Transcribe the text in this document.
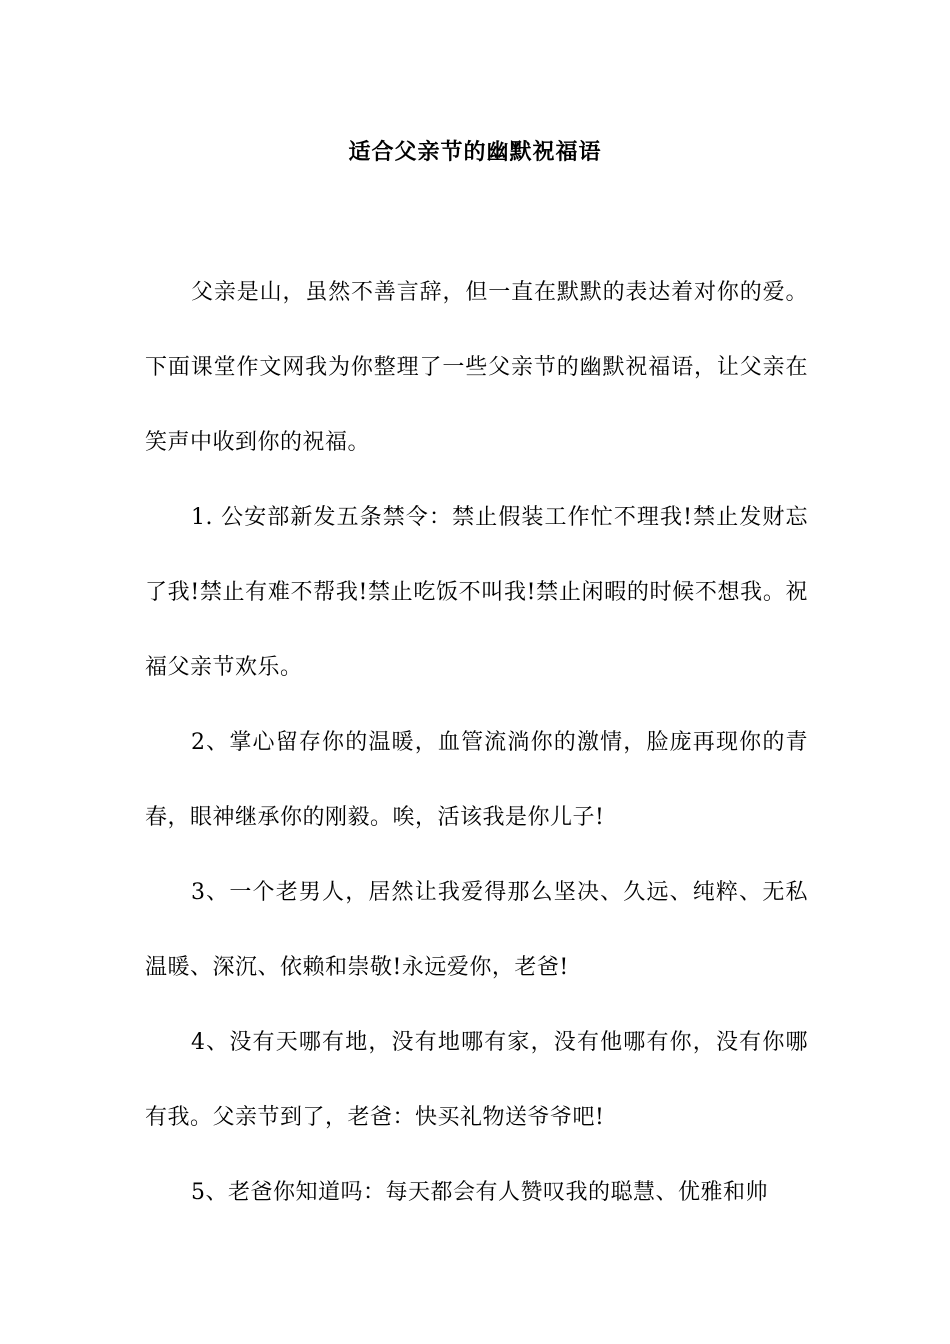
适合父亲节的幽默祝福语

父亲是山，虽然不善言辞，但一直在默默的表达着对你的爱。下面课堂作文网我为你整理了一些父亲节的幽默祝福语，让父亲在笑声中收到你的祝福。

1. 公安部新发五条禁令：禁止假装工作忙不理我!禁止发财忘了我!禁止有难不帮我!禁止吃饭不叫我!禁止闲暇的时候不想我。祝福父亲节欢乐。

2、掌心留存你的温暖，血管流淌你的激情，脸庞再现你的青春，眼神继承你的刚毅。唉，活该我是你儿子!

3、一个老男人，居然让我爱得那么坚决、久远、纯粹、无私温暖、深沉、依赖和崇敬!永远爱你，老爸!

4、没有天哪有地，没有地哪有家，没有他哪有你，没有你哪有我。父亲节到了，老爸：快买礼物送爷爷吧!

5、老爸你知道吗：每天都会有人赞叹我的聪慧、优雅和帅
